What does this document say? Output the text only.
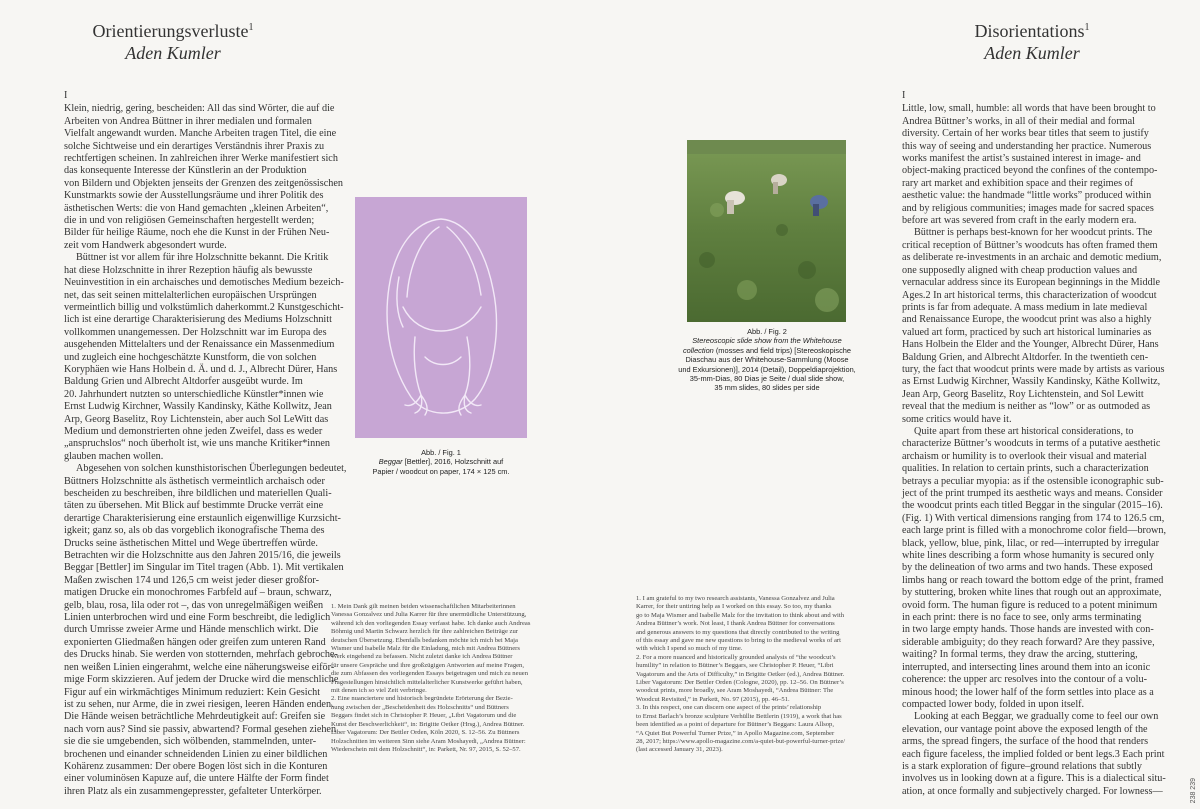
Orientierungsverluste$^1$
Aden Kumler
I
Klein, niedrig, gering, bescheiden: All das sind Wörter, die auf die
Arbeiten von Andrea Büttner in ihrer medialen und formalen
Vielfalt angewandt wurden. Manche Arbeiten tragen Titel, die eine
solche Sichtweise und ein derartiges Verständnis ihrer Praxis zu
rechtfertigen scheinen. In zahlreichen ihrer Werke manifestiert sich
das konsequente Interesse der Künstlerin an der Produktion
von Bildern und Objekten jenseits der Grenzen des zeitgenössischen
Kunstmarkts sowie der Ausstellungsräume und ihrer Politik des
ästhetischen Werts: die von Hand gemachten „kleinen Arbeiten“,
die in und von religiösen Gemeinschaften hergestellt werden;
Bilder für heilige Räume, noch ehe die Kunst in der Frühen Neu-
zeit vom Handwerk abgesondert wurde.
Büttner ist vor allem für ihre Holzschnitte bekannt. Die Kritik
hat diese Holzschnitte in ihrer Rezeption häufig als bewusste
Neuinvestition in ein archaisches und demotisches Medium bezeich-
net, das seit seinen mittelalterlichen europäischen Ursprüngen
vermeintlich billig und volkstümlich daherkommt.2 Kunstgeschicht-
lich ist eine derartige Charakterisierung des Mediums Holzschnitt
vollkommen unangemessen. Der Holzschnitt war im Europa des
ausgehenden Mittelalters und der Renaissance ein Massenmedium
und zugleich eine hochgeschätzte Kunstform, die von solchen
Koryphäen wie Hans Holbein d. Ä. und d. J., Albrecht Dürer, Hans
Baldung Grien und Albrecht Altdorfer ausgeübt wurde. Im
20. Jahrhundert nutzten so unterschiedliche Künstler*innen wie
Ernst Ludwig Kirchner, Wassily Kandinsky, Käthe Kollwitz, Jean
Arp, Georg Baselitz, Roy Lichtenstein, aber auch Sol LeWitt das
Medium und demonstrierten ohne jeden Zweifel, dass es weder
„anspruchslos“ noch überholt ist, wie uns manche Kritiker*innen
glauben machen wollen.
Abgesehen von solchen kunsthistorischen Überlegungen bedeutet,
Büttners Holzschnitte als ästhetisch vermeintlich archaisch oder
bescheiden zu beschreiben, ihre bildlichen und materiellen Quali-
täten zu übersehen. Mit Blick auf bestimmte Drucke verrät eine
derartige Charakterisierung eine erstaunlich eigenwillige Kurzsicht-
igkeit; ganz so, als ob das vorgeblich ikonografische Thema des
Drucks seine ästhetischen Mittel und Wege übertreffen würde.
Betrachten wir die Holzschnitte aus den Jahren 2015/16, die jeweils
Beggar [Bettler] im Singular im Titel tragen (Abb. 1). Mit vertikalen
Maßen zwischen 174 und 126,5 cm weist jeder dieser großfor-
matigen Drucke ein monochromes Farbfeld auf – braun, schwarz,
gelb, blau, rosa, lila oder rot –, das von unregelmäßigen weißen
Linien unterbrochen wird und eine Form beschreibt, die lediglich
durch Umrisse zweier Arme und Hände menschlich wirkt. Die
exponierten Gliedmaßen hängen oder greifen zum unteren Rand
des Drucks hinab. Sie werden von stotternden, mehrfach gebroche-
nen weißen Linien eingerahmt, welche eine näherungsweise eiför-
mige Form skizzieren. Auf jedem der Drucke wird die menschliche
Figur auf ein wirkmächtiges Minimum reduziert: Kein Gesicht
ist zu sehen, nur Arme, die in zwei riesigen, leeren Händen enden.
Die Hände weisen beträchtliche Mehrdeutigkeit auf: Greifen sie
nach vorn aus? Sind sie passiv, abwartend? Formal gesehen ziehen
sie die sie umgebenden, sich wölbenden, stammelnden, unter-
brochenen und einander schneidenden Linien zu einer bildlichen
Kohärenz zusammen: Der obere Bogen löst sich in die Konturen
einer voluminösen Kapuze auf, die untere Hälfte der Form findet
ihren Platz als ein zusammengepresster, gefalteter Unterkörper.
Abb. / Fig. 1
Beggar [Bettler], 2016, Holzschnitt auf
Papier / woodcut on paper, 174 × 125 cm.
1. Mein Dank gilt meinen beiden wissenschaftlichen Mitarbeiterinnen
Vanessa Gonzalvez und Julia Karrer für ihre unermüdliche Unterstützung,
während ich den vorliegenden Essay verfasst habe. Ich danke auch Andreas
Böhmig und Martin Schwarz herzlich für ihre zahlreichen Beiträge zur
deutschen Übersetzung. Ebenfalls bedanken möchte ich mich bei Maja
Wismer und Isabelle Malz für die Einladung, mich mit Andrea Büttners
Werk eingehend zu befassen. Nicht zuletzt danke ich Andrea Büttner
für unsere Gespräche und ihre großzügigen Antworten auf meine Fragen,
die zum Abfassen des vorliegenden Essays beigetragen und mich zu neuen
Fragestellungen hinsichtlich mittelalterlicher Kunstwerke geführt haben,
mit denen ich so viel Zeit verbringe.
2. Eine nuanciertere und historisch begründete Erörterung der Bezie-
hung zwischen der „Bescheidenheit des Holzschnitts“ und Büttners
Beggars findet sich in Christopher P. Heuer, „Libri Vagatorum und die
Kunst der Beschwerlichkeit“, in: Brigitte Oetker (Hrsg.), Andrea Büttner.
Liber Vagatorum: Der Bettler Orden, Köln 2020, S. 12–56. Zu Büttners
Holzschnitten im weiteren Sinn siehe Aram Moshayedi, „Andrea Büttner:
Wiederschein mit dem Holzschnitt“, in: Parkett, Nr. 97, 2015, S. 52–57.
Disorientations$^1$
Aden Kumler
Abb. / Fig. 2
Stereoscopic slide show from the Whitehouse
collection (mosses and field trips) [Stereoskopische
Diaschau aus der Whitehouse-Sammlung (Moose
und Exkursionen)], 2014 (Detail), Doppeldiaprojektion,
35-mm-Dias, 80 Dias je Seite / dual slide show,
35 mm slides, 80 slides per side
1. I am grateful to my two research assistants, Vanessa Gonzalvez and Julia
Karrer, for their untiring help as I worked on this essay. So too, my thanks
go to Maja Wismer and Isabelle Malz for the invitation to think about and with
Andrea Büttner’s work. Not least, I thank Andrea Büttner for conversations
and generous answers to my questions that directly contributed to the writing
of this essay and gave me new questions to bring to the medieval works of art
with which I spend so much of my time.
2. For a more nuanced and historically grounded analysis of “the woodcut’s
humility” in relation to Büttner’s Beggars, see Christopher P. Heuer, “Libri
Vagatorum and the Arts of Difficulty,” in Brigitte Oetker (ed.), Andrea Büttner.
Liber Vagatorum: Der Bettler Orden (Cologne, 2020), pp. 12–56. On Büttner’s
woodcut prints, more broadly, see Aram Moshayedi, “Andrea Büttner: The
Woodcut Revisited,” in Parkett, No. 97 (2015), pp. 46–51.
3. In this respect, one can discern one aspect of the prints’ relationship
to Ernst Barlach’s bronze sculpture Verhüllte Bettlerin (1919), a work that has
been identified as a point of departure for Büttner’s Beggars: Laura Allsop,
“A Quiet But Powerful Turner Prize,” in Apollo Magazine.com, September
28, 2017; https://www.apollo-magazine.com/a-quiet-but-powerful-turner-prize/
(last accessed January 31, 2023).
I
Little, low, small, humble: all words that have been brought to
Andrea Büttner’s works, in all of their medial and formal
diversity. Certain of her works bear titles that seem to justify
this way of seeing and understanding her practice. Numerous
works manifest the artist’s sustained interest in image- and
object-making practiced beyond the confines of the contempo-
rary art market and exhibition space and their regimes of
aesthetic value: the handmade “little works” produced within
and by religious communities; images made for sacred spaces
before art was severed from craft in the early modern era.
Büttner is perhaps best-known for her woodcut prints. The
critical reception of Büttner’s woodcuts has often framed them
as deliberate re-investments in an archaic and demotic medium,
one supposedly aligned with cheap production values and
vernacular address since its European beginnings in the Middle
Ages.2 In art historical terms, this characterization of woodcut
prints is far from adequate. A mass medium in late medieval
and Renaissance Europe, the woodcut print was also a highly
valued art form, practiced by such art historical luminaries as
Hans Holbein the Elder and the Younger, Albrecht Dürer, Hans
Baldung Grien, and Albrecht Altdorfer. In the twentieth cen-
tury, the fact that woodcut prints were made by artists as various
as Ernst Ludwig Kirchner, Wassily Kandinsky, Käthe Kollwitz,
Jean Arp, Georg Baselitz, Roy Lichtenstein, and Sol Lewitt
reveal that the medium is neither as “low” or as outmoded as
some critics would have it.
Quite apart from these art historical considerations, to
characterize Büttner’s woodcuts in terms of a putative aesthetic
archaism or humility is to overlook their visual and material
qualities. In relation to certain prints, such a characterization
betrays a peculiar myopia: as if the ostensible iconographic sub-
ject of the print trumped its aesthetic ways and means. Consider
the woodcut prints each titled Beggar in the singular (2015–16).
(Fig. 1) With vertical dimensions ranging from 174 to 126.5 cm,
each large print is filled with a monochrome color field—brown,
black, yellow, blue, pink, lilac, or red—interrupted by irregular
white lines describing a form whose humanity is secured only
by the delineation of two arms and two hands. These exposed
limbs hang or reach toward the bottom edge of the print, framed
by stuttering, broken white lines that rough out an approximate,
ovoid form. The human figure is reduced to a potent minimum
in each print: there is no face to see, only arms terminating
in two large empty hands. Those hands are invested with con-
siderable ambiguity; do they reach forward? Are they passive,
waiting? In formal terms, they draw the arcing, stuttering,
interrupted, and intersecting lines around them into an iconic
coherence: the upper arc resolves into the contour of a volu-
minous hood; the lower half of the form settles into place as a
compacted lower body, folded in upon itself.
Looking at each Beggar, we gradually come to feel our own
elevation, our vantage point above the exposed length of the
arms, the spread fingers, the surface of the hood that renders
each figure faceless, the implied folded or bent legs.3 Each print
is a stark exploration of figure–ground relations that subtly
involves us in looking down at a figure. This is a dialectical situ-
ation, at once formally and subjectively charged. For lowness—
238 239
